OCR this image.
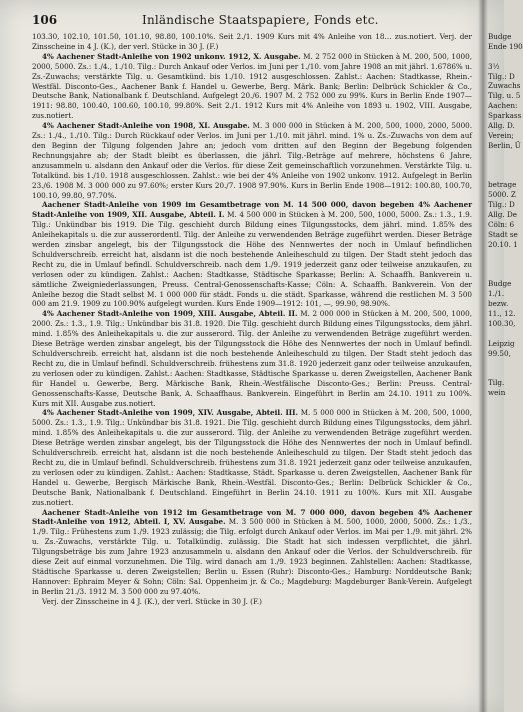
106	Inländische Staatspapiere, Fonds etc.

103.30, 102.10, 101.50, 101.10, 98.80, 100.10%. Seit 2./1. 1909 Kurs mit 4% Anleihe von 18… zus.notiert. Verj. der Zinsscheine in 4 J. (K.), der verl. Stücke in 30 J. (F.)

4% Aachener Stadt-Anleihe von 1902 unkonv. 1912, X. Ausgabe. M. 2 752 000 in Stücken à M. 200, 500, 1000, 2000, 5000. Zs.: 1./4., 1./10. Tilg.: Durch Ankauf oder Verlos. im Juni per 1./10. vom Jahre 1908 an mit jährl. 1.6786% u. Zs.-Zuwachs; verstärkte Tilg. u. Gesamtkünd. bis 1./10. 1912 ausgeschlossen. Zahlst.: Aachen: Stadtkasse, Rhein.-Westfäl. Disconto-Ges., Aachener Bank f. Handel u. Gewerbe, Berg. Märk. Bank; Berlin: Delbrück Schickler & Co., Deutsche Bank, Nationalbank f. Deutschland. Aufgelegt 20./6. 1907 M. 2 752 000 zu 99%. Kurs in Berlin Ende 1907—1911: 98.80, 100.40, 100.60, 100.10, 99.80%. Seit 2./1. 1912 Kurs mit 4% Anleihe von 1893 u. 1902, VIII. Ausgabe, zus.notiert.

4% Aachener Stadt-Anleihe von 1908, XI. Ausgabe. M. 3 000 000 in Stücken à M. 200, 500, 1000, 2000, 5000. Zs.: 1./4., 1./10. Tilg.: Durch Rückkauf oder Verlos. im Juni per 1./10. mit jährl. mind. 1% u. Zs.-Zuwachs von dem auf den Beginn der Tilgung folgenden Jahre an; jedoch vom dritten auf den Beginn der Begebung folgenden Rechnungsjahre ab; der Stadt bleibt es überlassen, die jährl. Tilg.-Beträge auf mehrere, höchstens 6 Jahre, anzusammeln u. alsdann den Ankauf oder die Verlos. für diese Zeit gemeinschaftlich vorzunehmen. Verstärkte Tilg. u. Totalkünd. bis 1./10. 1918 ausgeschlossen. Zahlst.: wie bei der 4% Anleihe von 1902 unkonv. 1912. Aufgelegt in Berlin 23./6. 1908 M. 3 000 000 zu 97.60%; erster Kurs 20./7. 1908 97.90%. Kurs in Berlin Ende 1908—1912: 100.80, 100.70, 100.10, 99.80, 97.70%.

Aachener Stadt-Anleihe von 1909 im Gesamtbetrage von M. 14 500 000, davon begeben 4% Aachener Stadt-Anleihe von 1909, XII. Ausgabe, Abteil. I. M. 4 500 000 in Stücken à M. 200, 500, 1000, 5000. Zs.: 1.3., 1.9. Tilg.: Unkündbar bis 1919. Die Tilg. geschieht durch Bildung eines Tilgungsstocks, dem jährl. mind. 1.85% des Anleihekapitals u. die zur ausserordentl. Tilg. der Anleihe zu verwendenden Beträge zugeführt werden. Dieser Beträge werden zinsbar angelegt, bis der Tilgungsstock die Höhe des Nennwertes der noch in Umlauf befindlichen Schuldverschreib. erreicht hat, alsdann ist die noch bestehende Anleiheschuld zu tilgen. Der Stadt steht jedoch das Recht zu, die in Umlauf befindl. Schuldverschreib. nach dem 1./9. 1919 jederzeit ganz oder teilweise anzukaufen, zu verlosen oder zu kündigen. Zahlst.: Aachen: Stadtkasse, Städtische Sparkasse; Berlin: A. Schaaffh. Bankverein u. sämtliche Zweigniederlassungen, Preuss. Central-Genossenschafts-Kasse; Cöln: A. Schaaffh. Bankverein. Von der Anleihe bezog die Stadt selbst M. 1 000 000 für städt. Fonds u. die städt. Sparkasse, während die restlichen M. 3 500 000 am 21.9. 1909 zu 100.90% aufgelegt wurden. Kurs Ende 1909—1912: 101, —, 99.90, 98.90%.

4% Aachener Stadt-Anleihe von 1909, XIII. Ausgabe, Abteil. II. M. 2 000 000 in Stücken à M. 200, 500, 1000, 2000. Zs.: 1.3., 1.9. Tilg.: Unkündbar bis 31.8. 1920. Die Tilg. geschieht durch Bildung eines Tilgungsstocks, dem jährl. mind. 1.85% des Anleihekapitals u. die zur ausserord. Tilg. der Anleihe zu verwendenden Beträge zugeführt werden. Diese Beträge werden zinsbar angelegt, bis der Tilgungsstock die Höhe des Nennwertes der noch in Umlauf befindl. Schuldverschreib. erreicht hat, alsdann ist die noch bestehende Anleiheschuld zu tilgen. Der Stadt steht jedoch das Recht zu, die in Umlauf befindl. Schuldverschreib. frühestens zum 31.8. 1920 jederzeit ganz oder teilweise anzukaufen, zu verlosen oder zu kündigen. Zahlst.: Aachen: Stadtkasse, Städtische Sparkasse u. deren Zweigstellen, Aachener Bank für Handel u. Gewerbe, Berg. Märkische Bank, Rhein.-Westfälische Disconto-Ges.; Berlin: Preuss. Central-Genossenschafts-Kasse, Deutsche Bank, A. Schaaffhaus. Bankverein. Eingeführt in Berlin am 24.10. 1911 zu 100%. Kurs mit XII. Ausgabe zus.notiert.

4% Aachener Stadt-Anleihe von 1909, XIV. Ausgabe, Abteil. III. M. 5 000 000 in Stücken à M. 200, 500, 1000, 5000. Zs.: 1.3., 1.9. Tilg.: Unkündbar bis 31.8. 1921. Die Tilg. geschieht durch Bildung eines Tilgungsstocks, dem jährl. mind. 1.85% des Anleihekapitals u. die zur ausserord. Tilg. der Anleihe zu verwendenden Beträge zugeführt werden. Diese Beträge werden zinsbar angelegt, bis der Tilgungsstock die Höhe des Nennwertes der noch in Umlauf befindl. Schuldverschreib. erreicht hat, alsdann ist die noch bestehende Anleiheschuld zu tilgen. Der Stadt steht jedoch das Recht zu, die in Umlauf befindl. Schuldverschreib. frühestens zum 31.8. 1921 jederzeit ganz oder teilweise anzukaufen, zu verlosen oder zu kündigen. Zahlst.: Aachen: Stadtkasse, Städt. Sparkasse u. deren Zweigstellen, Aachener Bank für Handel u. Gewerbe, Bergisch Märkische Bank, Rhein.-Westfäl. Disconto-Ges.; Berlin: Delbrück Schickler & Co., Deutsche Bank, Nationalbank f. Deutschland. Eingeführt in Berlin 24.10. 1911 zu 100%. Kurs mit XII. Ausgabe zus.notiert.

Aachener Stadt-Anleihe von 1912 im Gesamtbetrage von M. 7 000 000, davon begeben 4% Aachener Stadt-Anleihe von 1912, Abteil. I, XV. Ausgabe. M. 3 500 000 in Stücken à M. 500, 1000, 2000, 5000. Zs.: 1./3., 1./9. Tilg.: Frühestens zum 1./9. 1923 zulässig; die Tilg. erfolgt durch Ankauf oder Verlos. im Mai per 1./9. mit jährl. 2% u. Zs.-Zuwachs, verstärkte Tilg. u. Totalkündig. zulässig. Die Stadt hat sich indessen verpflichtet, die jährl. Tilgungsbeträge bis zum Jahre 1923 anzusammeln u. alsdann den Ankauf oder die Verlos. der Schuldverschreib. für diese Zeit auf einmal vorzunehmen. Die Tilg. wird danach am 1./9. 1923 beginnen. Zahlstellen: Aachen: Stadtkasse, Städtische Sparkasse u. deren Zweigstellen; Berlin u. Essen (Ruhr): Disconto-Ges.; Hamburg: Norddeutsche Bank; Hannover: Ephraim Meyer & Sohn; Cöln: Sal. Oppenheim jr. & Co.; Magdeburg: Magdeburger Bank-Verein. Aufgelegt in Berlin 21./3. 1912 M. 3 500 000 zu 97.40%.

Verj. der Zinsscheine in 4 J. (K.), der verl. Stücke in 30 J. (F.)

Budge
Ende 190
3½
Tilg.: D
Zuwachs
Tilg. u. 5
Aachen:
Sparkass
Allg. D.
Verein;
Berlin, Ü
betrage
5000. Z
Tilg.: D
Allg. De
Cöln: 6
Stadt se
20.10. 1
Budge
1./1.
bezw.
11., 12.
100.30,
Leipzig
99.50,
Tilg.
wein
